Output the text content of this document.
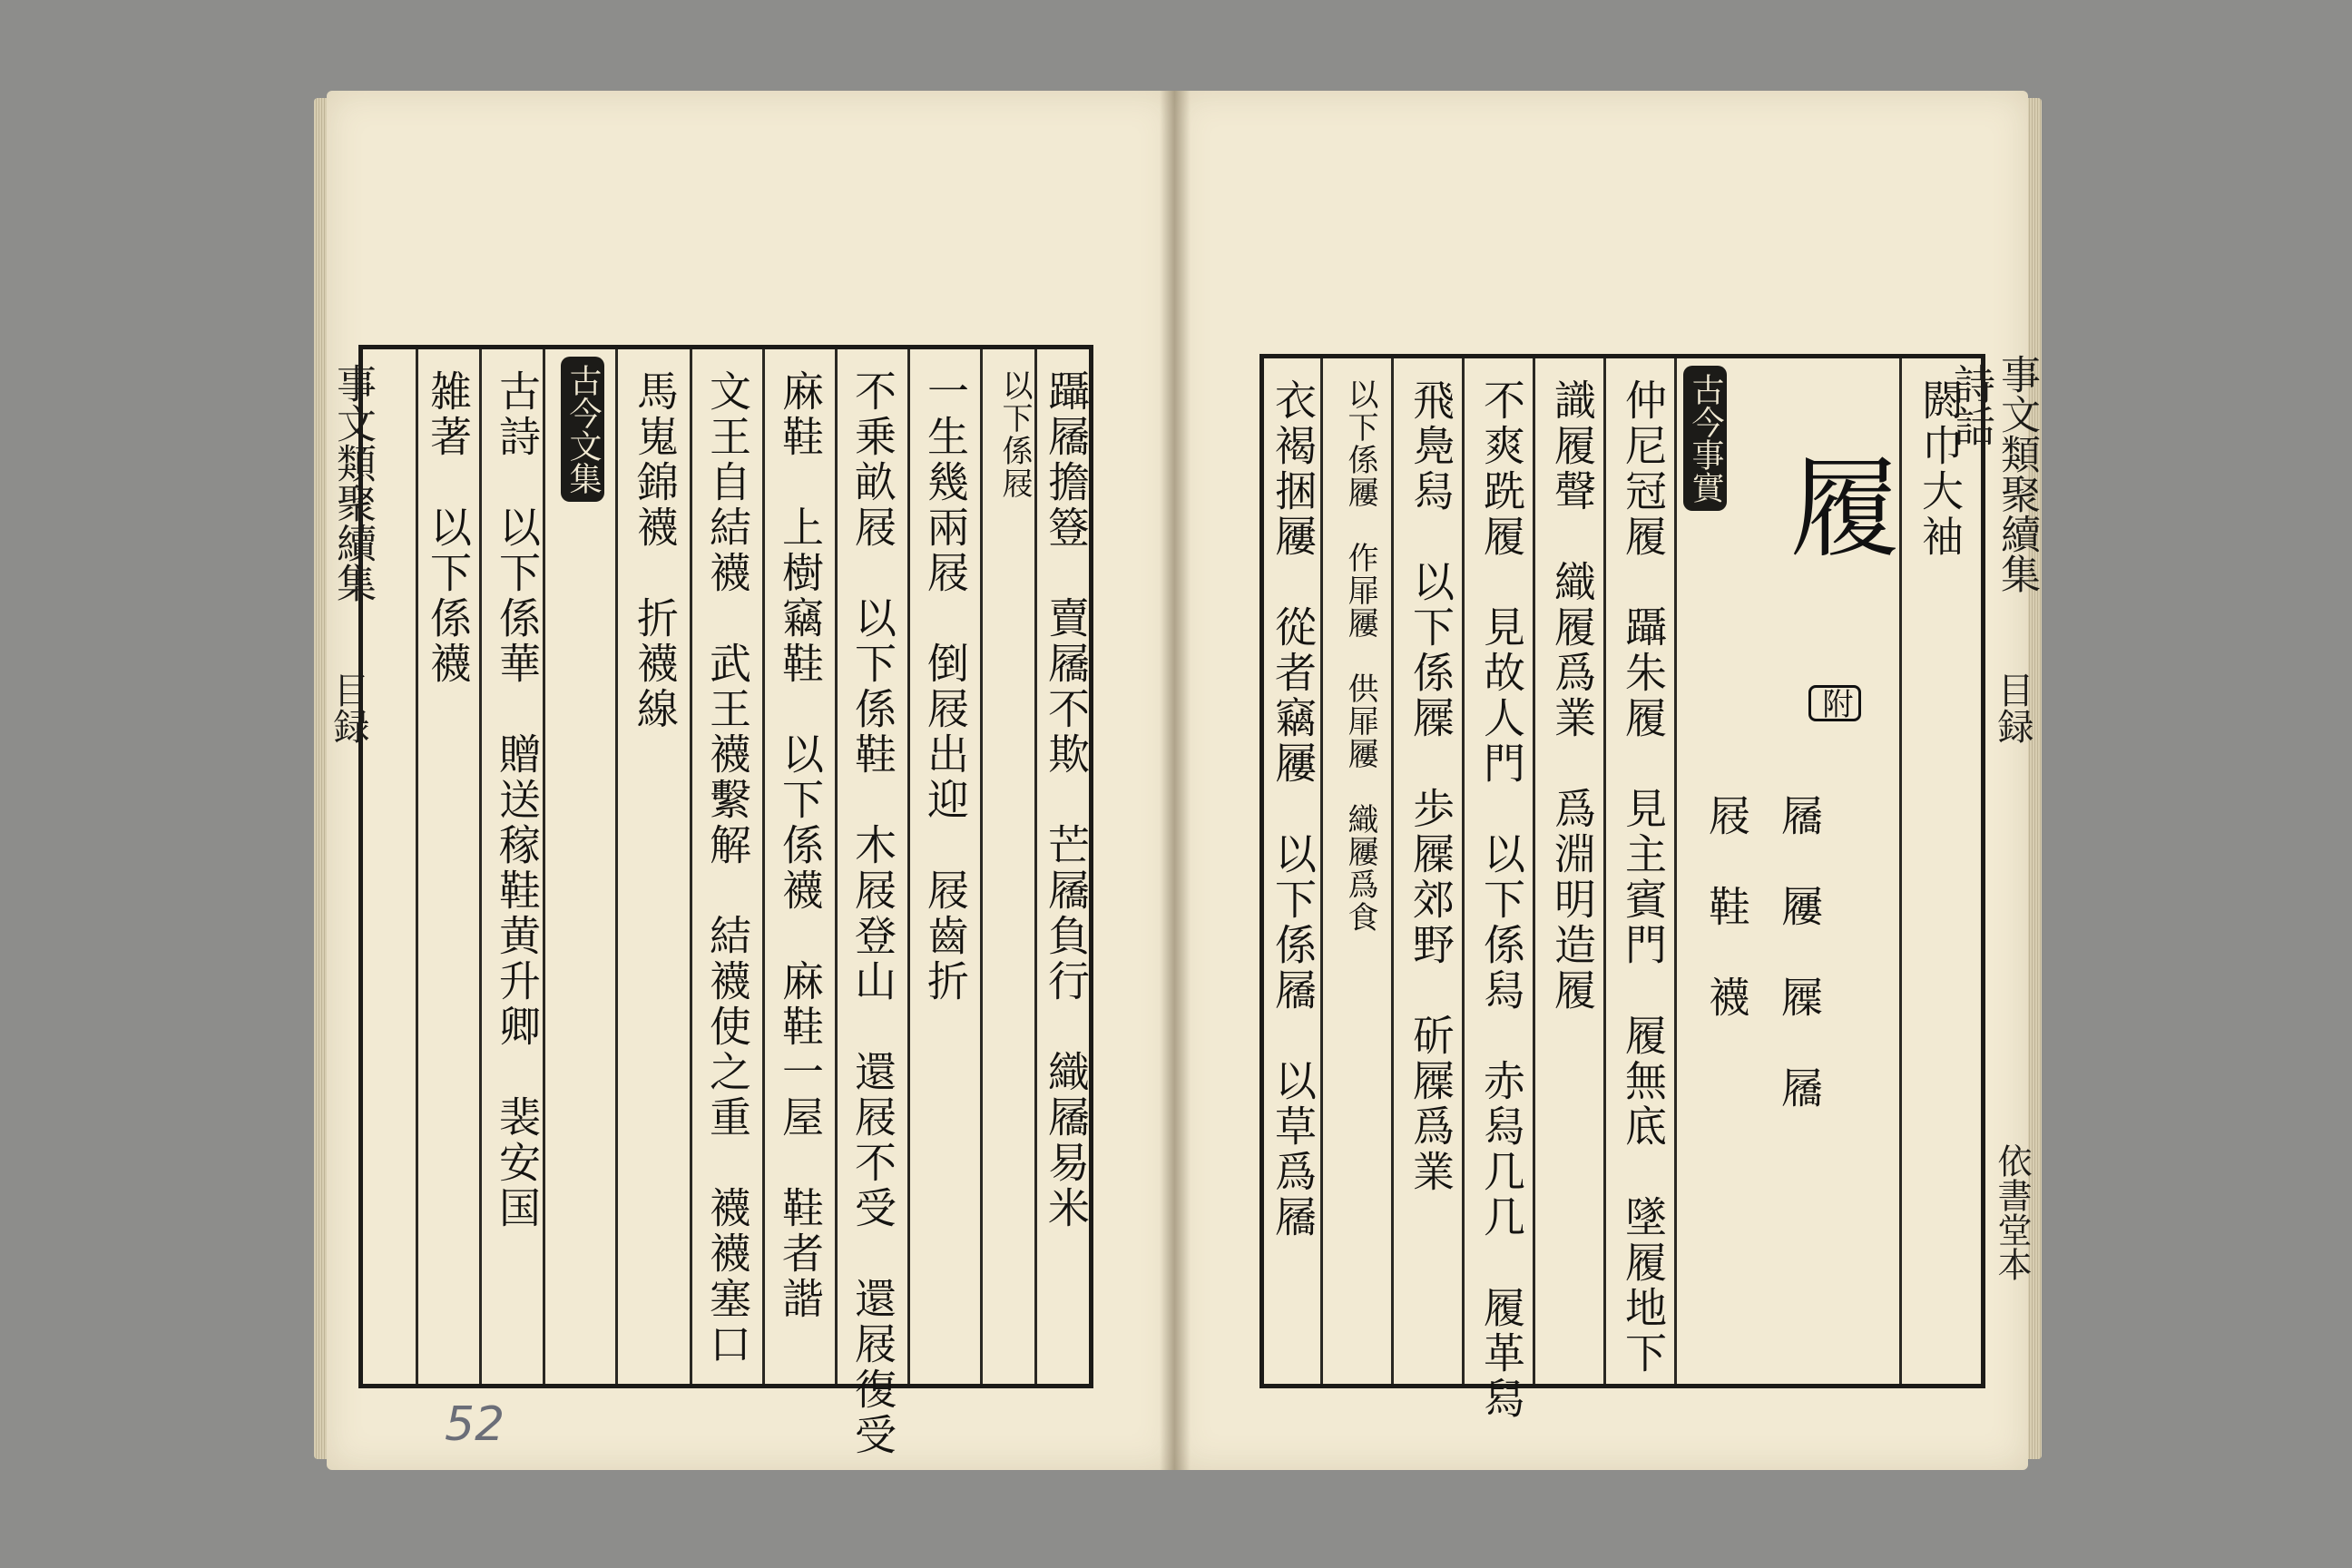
事文類聚續集
目録	躡屩擔簦　賣屩不欺　芒屩負行　織屩易米
以下係屐
一生幾兩屐　倒屐出迎　屐齒折
不乗畝屐　以下係鞋　木屐登山　還屐不受　還屐復受
麻鞋　上樹竊鞋　以下係襪　麻鞋一屋　鞋者諧
文王自結襪　武王襪繫解　結襪使之重　襪襪塞口
馬嵬錦襪　折襪線
古今文集
古詩　以下係華　贈送稼鞋黄升卿　裴安国
雑著　以下係襪
52
閼巾大袖
屩　屨　屧　屩
屐　鞋　襪
履
附
古今事實
仲尼冠履　躡朱履　見主賓門　履無底　墜履地下
識履聲　織履爲業　爲淵明造履
不爽跣履　見故人門　以下係舄　赤舄几几　履革舄
飛鳧舄　以下係屧　歩屧郊野　斫屧爲業
以下係屨　作屝屨　供屝屨　織屨爲食
衣褐捆屨　從者竊屨　以下係屩　以草爲屩	詩話
事文類聚續集
目録
依書堂本
